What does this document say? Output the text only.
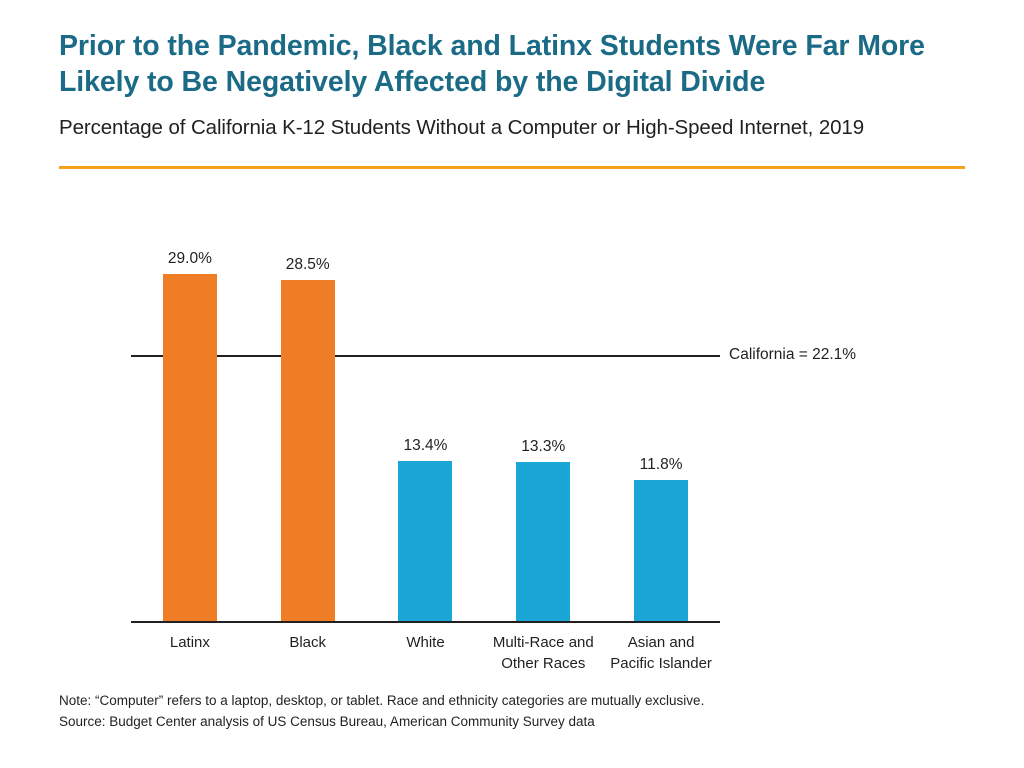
Prior to the Pandemic, Black and Latinx Students Were Far More Likely to Be Negatively Affected by the Digital Divide

Percentage of California K-12 Students Without a Computer or High-Speed Internet, 2019

California = 22.1%
29.0%	28.5%
13.4%	13.3%
11.8%
Latinx	Black	White	Multi-Race and
Other Races
Asian and
Pacific Islander
Note: “Computer” refers to a laptop, desktop, or tablet. Race and ethnicity categories are mutually exclusive.
Source: Budget Center analysis of US Census Bureau, American Community Survey data
